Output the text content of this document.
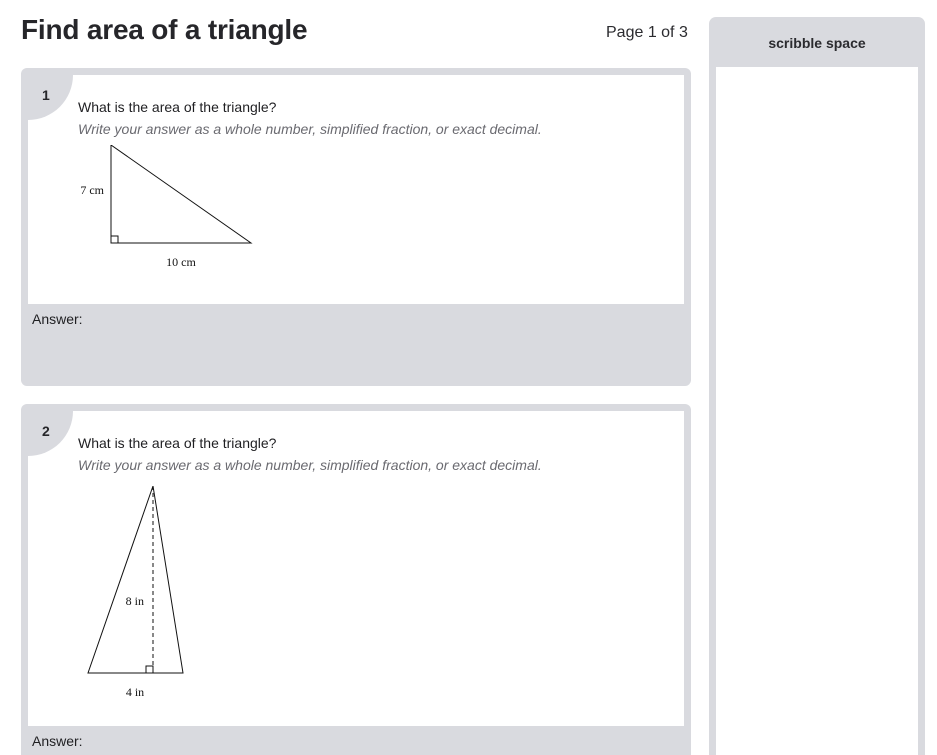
Find area of a triangle	Page 1 of 3
1
What is the area of the triangle?
Write your answer as a whole number, simplified fraction, or exact decimal.
7 cm
10 cm
Answer:
2
What is the area of the triangle?
Write your answer as a whole number, simplified fraction, or exact decimal.
8 in
4 in
Answer:
scribble space
